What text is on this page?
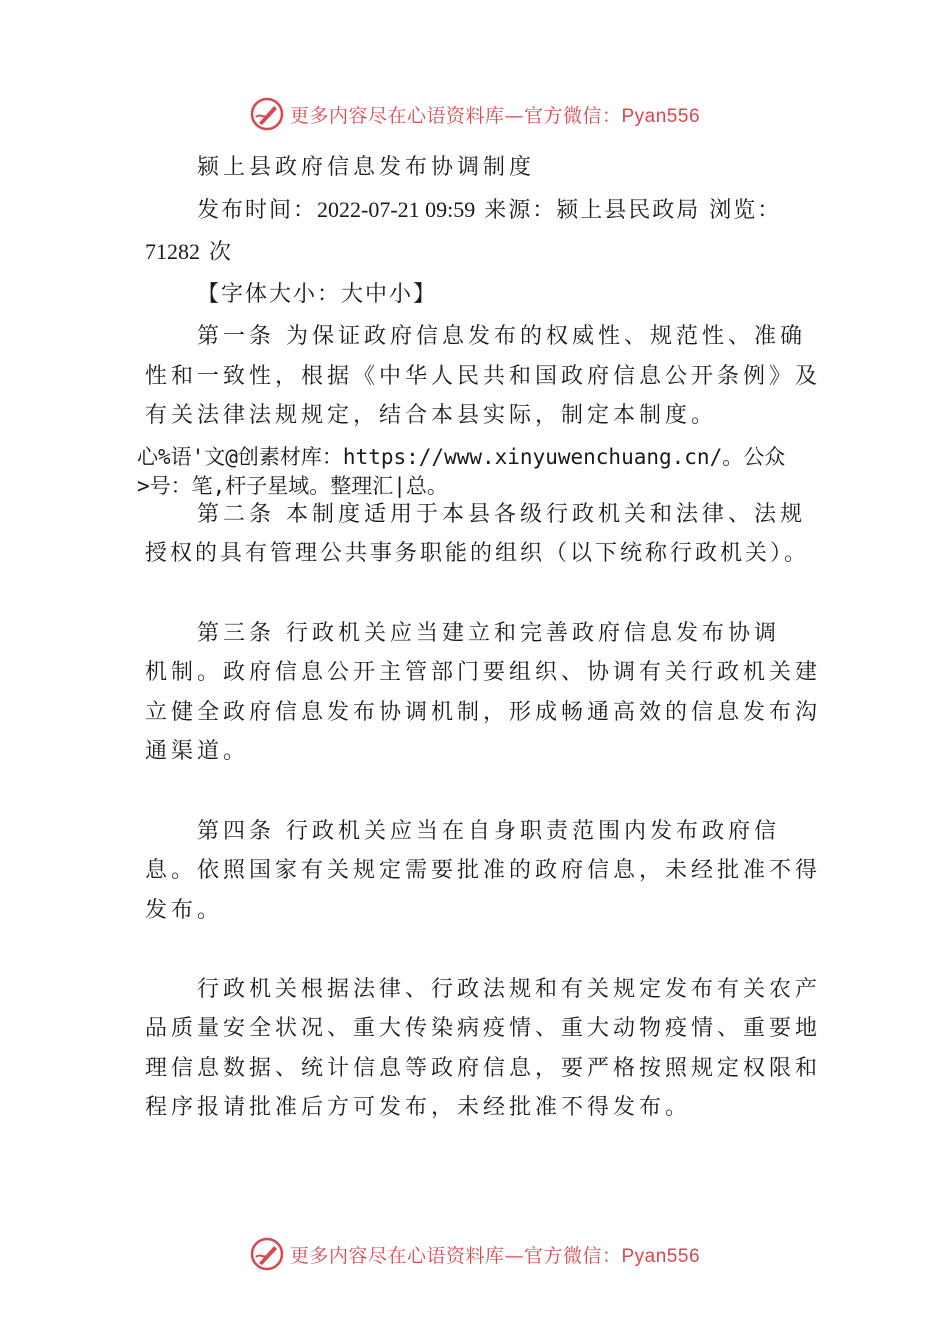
更多内容尽在心语资料库—官方微信：Pyan556
颍上县政府信息发布协调制度
发布时间：2022-07-21 09:59 来源：颍上县民政局 浏览：
71282 次
【字体大小：大中小】
第一条 为保证政府信息发布的权威性、规范性、准确
性和一致性，根据《中华人民共和国政府信息公开条例》及
有关法律法规规定，结合本县实际，制定本制度。
心%语'文@创素材库：https://www.xinyuwenchuang.cn/。公众
>号：笔,杆子星域。整理汇|总。
第二条 本制度适用于本县各级行政机关和法律、法规
授权的具有管理公共事务职能的组织（以下统称行政机关）。
第三条 行政机关应当建立和完善政府信息发布协调
机制。政府信息公开主管部门要组织、协调有关行政机关建
立健全政府信息发布协调机制，形成畅通高效的信息发布沟
通渠道。
第四条 行政机关应当在自身职责范围内发布政府信
息。依照国家有关规定需要批准的政府信息，未经批准不得
发布。
行政机关根据法律、行政法规和有关规定发布有关农产
品质量安全状况、重大传染病疫情、重大动物疫情、重要地
理信息数据、统计信息等政府信息，要严格按照规定权限和
程序报请批准后方可发布，未经批准不得发布。
更多内容尽在心语资料库—官方微信：Pyan556
